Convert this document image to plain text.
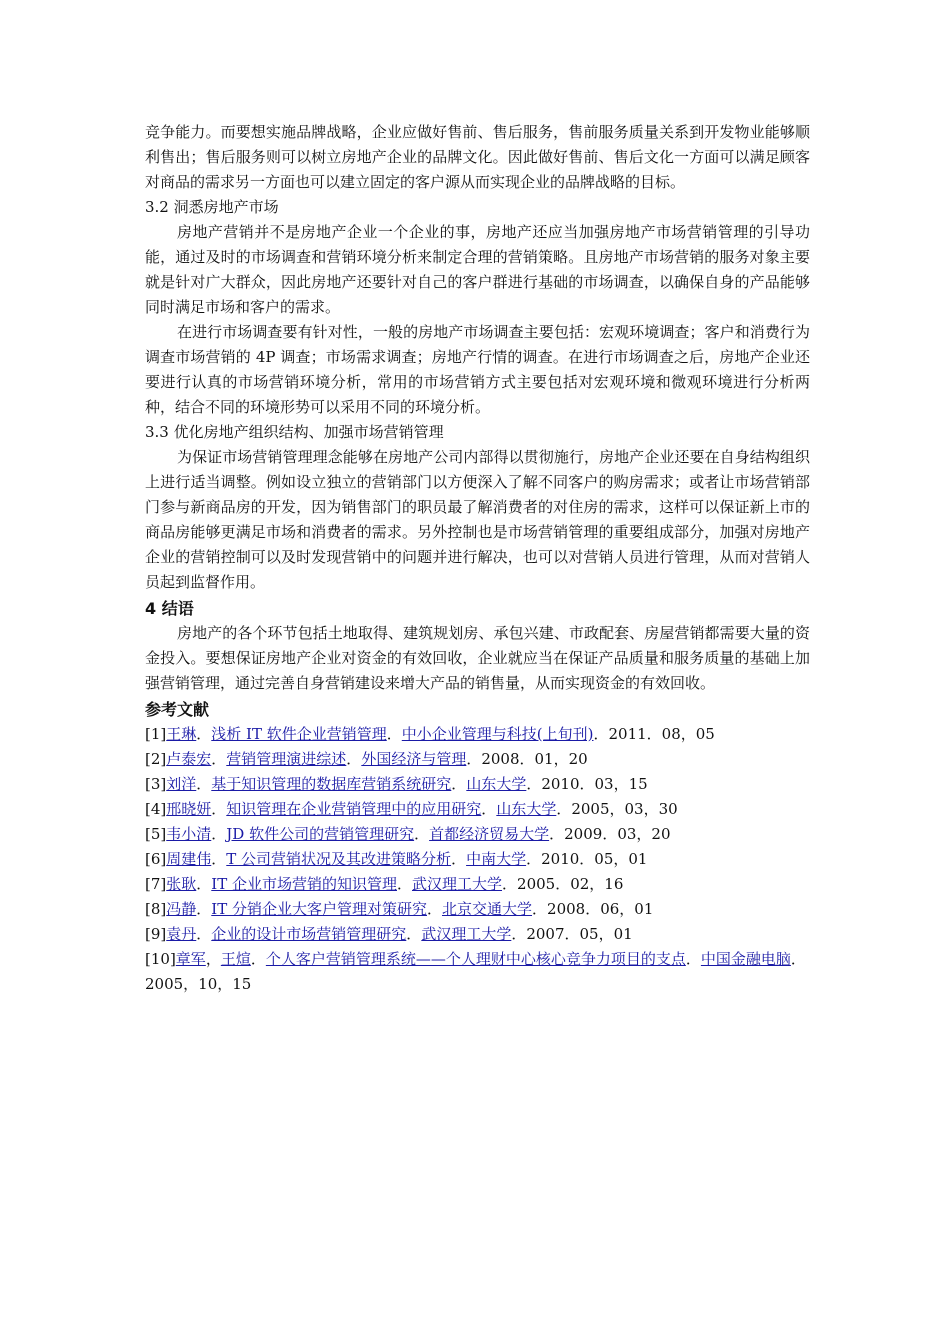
竞争能力。而要想实施品牌战略，企业应做好售前、售后服务，售前服务质量关系到开发物业能够顺利售出；售后服务则可以树立房地产企业的品牌文化。因此做好售前、售后文化一方面可以满足顾客对商品的需求另一方面也可以建立固定的客户源从而实现企业的品牌战略的目标。

3.2 洞悉房地产市场

房地产营销并不是房地产企业一个企业的事，房地产还应当加强房地产市场营销管理的引导功能，通过及时的市场调查和营销环境分析来制定合理的营销策略。且房地产市场营销的服务对象主要就是针对广大群众，因此房地产还要针对自己的客户群进行基础的市场调查，以确保自身的产品能够同时满足市场和客户的需求。

在进行市场调查要有针对性，一般的房地产市场调查主要包括：宏观环境调查；客户和消费行为调查市场营销的 4P 调查；市场需求调查；房地产行情的调查。在进行市场调查之后，房地产企业还要进行认真的市场营销环境分析，常用的市场营销方式主要包括对宏观环境和微观环境进行分析两种，结合不同的环境形势可以采用不同的环境分析。

3.3 优化房地产组织结构、加强市场营销管理

为保证市场营销管理理念能够在房地产公司内部得以贯彻施行，房地产企业还要在自身结构组织上进行适当调整。例如设立独立的营销部门以方便深入了解不同客户的购房需求；或者让市场营销部门参与新商品房的开发，因为销售部门的职员最了解消费者的对住房的需求，这样可以保证新上市的商品房能够更满足市场和消费者的需求。另外控制也是市场营销管理的重要组成部分，加强对房地产企业的营销控制可以及时发现营销中的问题并进行解决，也可以对营销人员进行管理，从而对营销人员起到监督作用。

4 结语

房地产的各个环节包括土地取得、建筑规划房、承包兴建、市政配套、房屋营销都需要大量的资金投入。要想保证房地产企业对资金的有效回收，企业就应当在保证产品质量和服务质量的基础上加强营销管理，通过完善自身营销建设来增大产品的销售量，从而实现资金的有效回收。

参考文献

[1]王琳．浅析 IT 软件企业营销管理．中小企业管理与科技(上旬刊)．2011．08，05

[2]卢泰宏．营销管理演进综述．外国经济与管理．2008．01，20

[3]刘洋．基于知识管理的数据库营销系统研究．山东大学．2010．03，15

[4]邢晓妍．知识管理在企业营销管理中的应用研究．山东大学．2005，03，30

[5]韦小清．JD 软件公司的营销管理研究．首都经济贸易大学．2009．03，20

[6]周建伟．T 公司营销状况及其改进策略分析．中南大学．2010．05，01

[7]张耿．IT 企业市场营销的知识管理．武汉理工大学．2005．02，16

[8]冯静．IT 分销企业大客户管理对策研究．北京交通大学．2008．06，01

[9]袁丹．企业的设计市场营销管理研究．武汉理工大学．2007．05，01

[10]章军，王煊．个人客户营销管理系统——个人理财中心核心竞争力项目的支点．中国金融电脑．2005，10，15
